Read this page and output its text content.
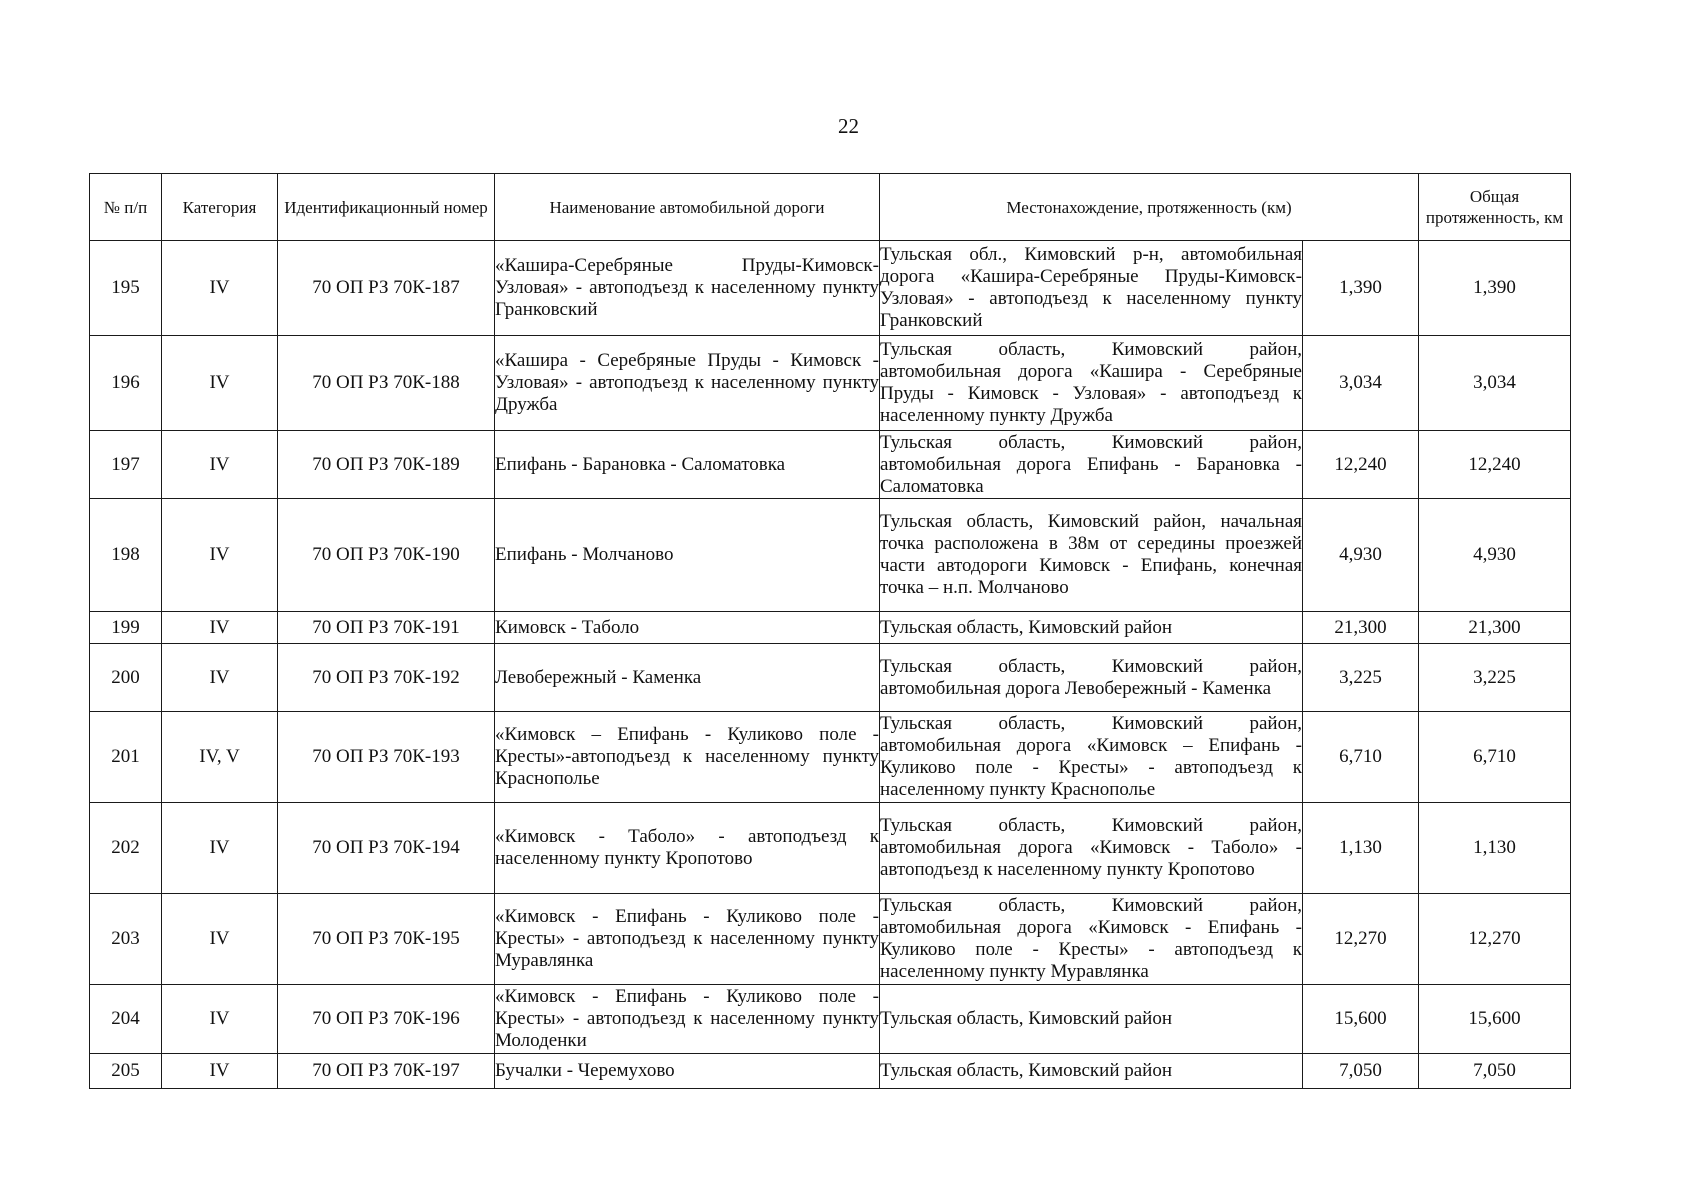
22
№ п/п	Категория	Идентификационный номер	Наименование автомобильной дороги	Местонахождение, протяженность (км)		Общая протяженность, км
195	IV	70 ОП РЗ 70К-187	«Кашира-Серебряные Пруды-Кимовск-Узловая» - автоподъезд к населенному пункту Гранковский	Тульская обл., Кимовский р-н, автомобильная дорога «Кашира-Серебряные Пруды-Кимовск-Узловая» - автоподъезд к населенному пункту Гранковский	1,390	1,390
196	IV	70 ОП РЗ 70К-188	«Кашира - Серебряные Пруды - Кимовск - Узловая» - автоподъезд к населенному пункту Дружба	Тульская область, Кимовский район, автомобильная дорога «Кашира - Серебряные Пруды - Кимовск - Узловая» - автоподъезд к населенному пункту Дружба	3,034	3,034
197	IV	70 ОП РЗ 70К-189	Епифань - Барановка - Саломатовка	Тульская область, Кимовский район, автомобильная дорога Епифань - Барановка - Саломатовка	12,240	12,240
198	IV	70 ОП РЗ 70К-190	Епифань - Молчаново	Тульская область, Кимовский район, начальная точка расположена в 38м от середины проезжей части автодороги Кимовск - Епифань, конечная точка – н.п. Молчаново	4,930	4,930
199	IV	70 ОП РЗ 70К-191	Кимовск - Таболо	Тульская область, Кимовский район	21,300	21,300
200	IV	70 ОП РЗ 70К-192	Левобережный - Каменка	Тульская область, Кимовский район, автомобильная дорога Левобережный - Каменка	3,225	3,225
201	IV, V	70 ОП РЗ 70К-193	«Кимовск – Епифань - Куликово поле - Кресты»-автоподъезд к населенному пункту Краснополье	Тульская область, Кимовский район, автомобильная дорога «Кимовск – Епифань - Куликово поле - Кресты» - автоподъезд к населенному пункту Краснополье	6,710	6,710
202	IV	70 ОП РЗ 70К-194	«Кимовск - Таболо» - автоподъезд к населенному пункту Кропотово	Тульская область, Кимовский район, автомобильная дорога «Кимовск - Таболо» - автоподъезд к населенному пункту Кропотово	1,130	1,130
203	IV	70 ОП РЗ 70К-195	«Кимовск - Епифань - Куликово поле - Кресты» - автоподъезд к населенному пункту Муравлянка	Тульская область, Кимовский район, автомобильная дорога «Кимовск - Епифань - Куликово поле - Кресты» - автоподъезд к населенному пункту Муравлянка	12,270	12,270
204	IV	70 ОП РЗ 70К-196	«Кимовск - Епифань - Куликово поле - Кресты» - автоподъезд к населенному пункту Молоденки	Тульская область, Кимовский район	15,600	15,600
205	IV	70 ОП РЗ 70К-197	Бучалки - Черемухово	Тульская область, Кимовский район	7,050	7,050
